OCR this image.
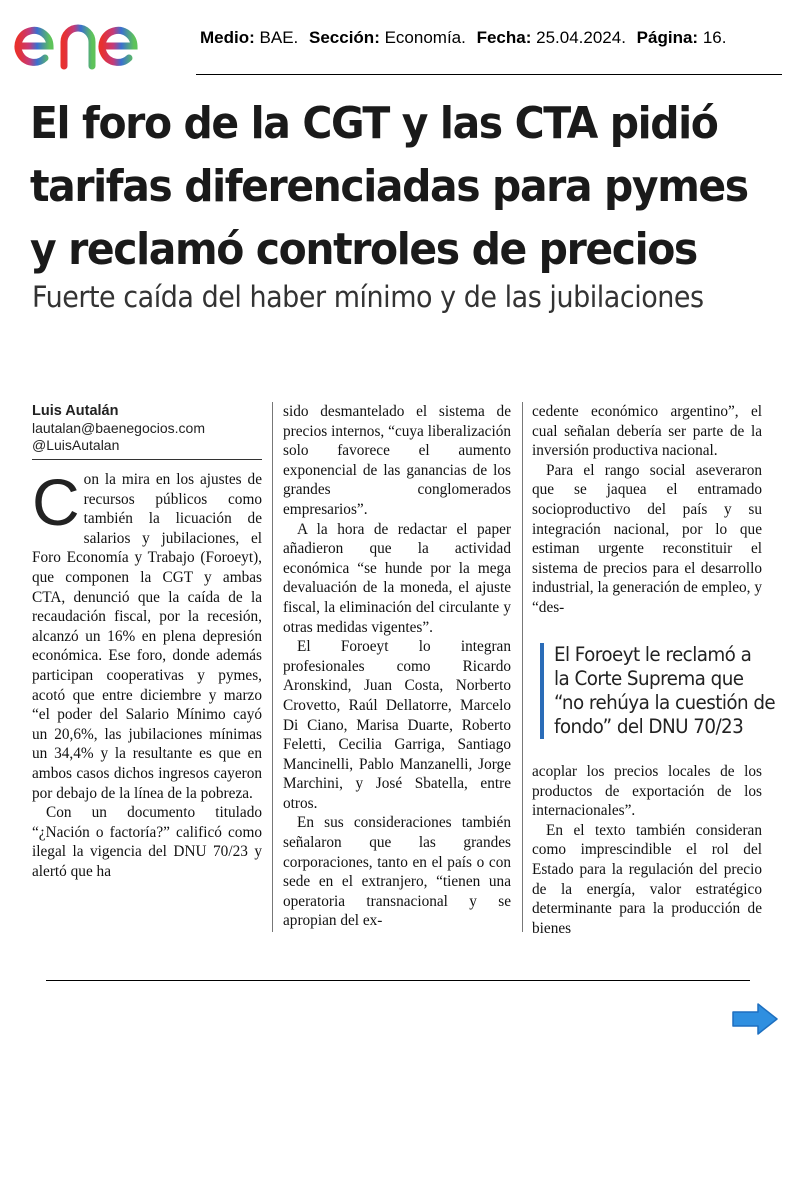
Medio: BAE. Sección: Economía. Fecha: 25.04.2024. Página: 16.
El foro de la CGT y las CTA pidió
tarifas diferenciadas para pymes
y reclamó controles de precios
Fuerte caída del haber mínimo y de las jubilaciones
Luis Autalán
lautalan@baenegocios.com
@LuisAutalan

Con la mira en los ajustes de recursos públicos como también la licuación de salarios y jubilaciones, el Foro Economía y Trabajo (Foroeyt), que componen la CGT y ambas CTA, denunció que la caída de la recaudación fiscal, por la recesión, alcanzó un 16% en plena depresión económica. Ese foro, donde además participan cooperativas y pymes, acotó que entre diciembre y marzo “el poder del Salario Mínimo cayó un 20,6%, las jubilaciones mínimas un 34,4% y la resultante es que en ambos casos dichos ingresos cayeron por debajo de la línea de la pobreza.

Con un documento titulado “¿Nación o factoría?” calificó como ilegal la vigencia del DNU 70/23 y alertó que ha

sido desmantelado el sistema de precios internos, “cuya liberalización solo favorece el aumento exponencial de las ganancias de los grandes conglomerados empresarios”.

A la hora de redactar el paper añadieron que la actividad económica “se hunde por la mega devaluación de la moneda, el ajuste fiscal, la eliminación del circulante y otras medidas vigentes”.

El Foroeyt lo integran profesionales como Ricardo Aronskind, Juan Costa, Norberto Crovetto, Raúl Dellatorre, Marcelo Di Ciano, Marisa Duarte, Roberto Feletti, Cecilia Garriga, Santiago Mancinelli, Pablo Manzanelli, Jorge Marchini, y José Sbatella, entre otros.

En sus consideraciones también señalaron que las grandes corporaciones, tanto en el país o con sede en el extranjero, “tienen una operatoria transnacional y se apropian del ex-

cedente económico argentino”, el cual señalan debería ser parte de la inversión productiva nacional.

Para el rango social aseveraron que se jaquea el entramado socioproductivo del país y su integración nacional, por lo que estiman urgente reconstituir el sistema de precios para el desarrollo industrial, la generación de empleo, y “des-

El Foroeyt le reclamó a
la Corte Suprema que
“no rehúya la cuestión de
fondo” del DNU 70/23

acoplar los precios locales de los productos de exportación de los internacionales”.

En el texto también consideran como imprescindible el rol del Estado para la regulación del precio de la energía, valor estratégico determinante para la producción de bienes
